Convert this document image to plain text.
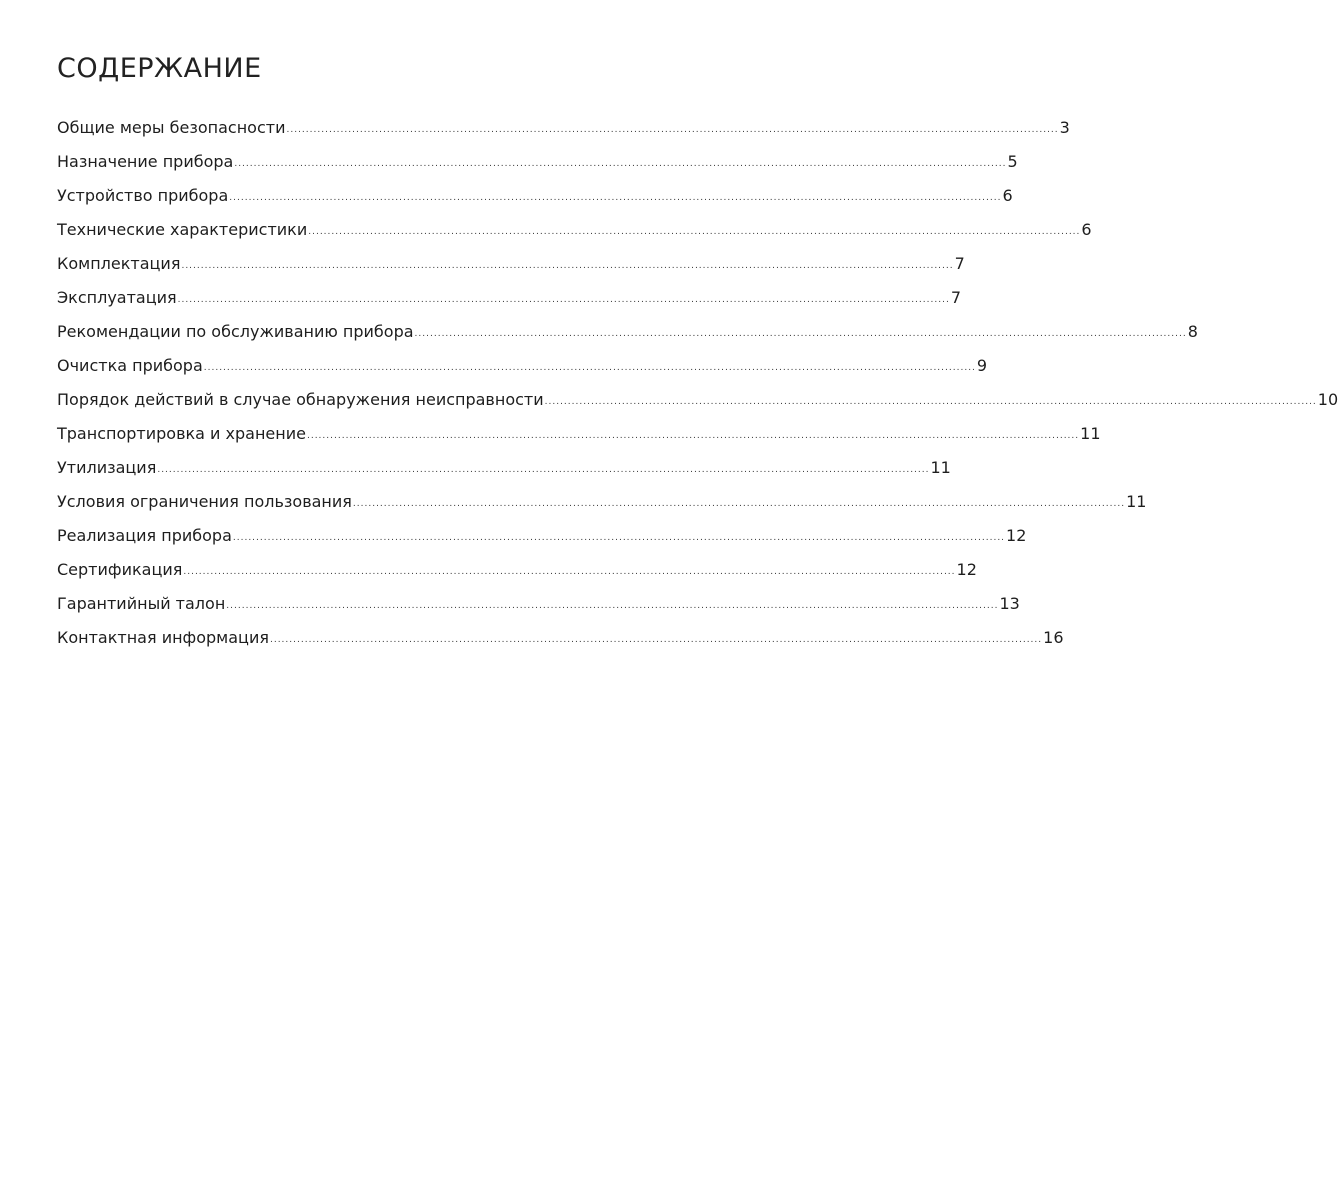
СОДЕРЖАНИЕ
Общие меры безопасности ........................................................................................................................................................................................................ 3
Назначение прибора ........................................................................................................................................................................................................ 5
Устройство прибора ........................................................................................................................................................................................................ 6
Технические характеристики ........................................................................................................................................................................................................ 6
Комплектация ........................................................................................................................................................................................................ 7
Эксплуатация ........................................................................................................................................................................................................ 7
Рекомендации по обслуживанию прибора ........................................................................................................................................................................................................ 8
Очистка прибора ........................................................................................................................................................................................................ 9
Порядок действий в случае обнаружения неисправности ........................................................................................................................................................................................................ 10
Транспортировка и хранение ........................................................................................................................................................................................................ 11
Утилизация ........................................................................................................................................................................................................ 11
Условия ограничения пользования ........................................................................................................................................................................................................ 11
Реализация прибора ........................................................................................................................................................................................................ 12
Сертификация ........................................................................................................................................................................................................ 12
Гарантийный талон ........................................................................................................................................................................................................ 13
Контактная информация ........................................................................................................................................................................................................ 16
